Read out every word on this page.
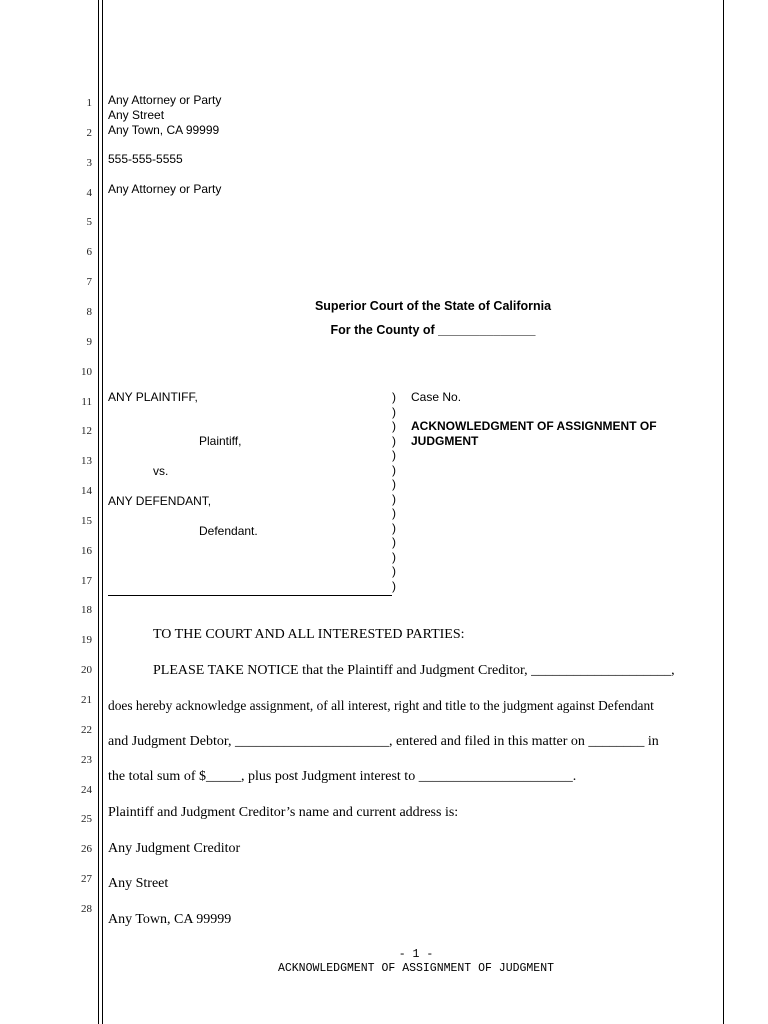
1
2
3
4
5
6
7
8
9
10
11
12
13
14
15
16
17
18
19
20
21
22
23
24
25
26
27
28
Any Attorney or Party
Any Street
Any Town, CA 99999
555-555-5555
Any Attorney or Party
Superior Court of the State of California
For the County of ______________
ANY PLAINTIFF,
Plaintiff,
vs.
ANY DEFENDANT,
Defendant.
)
)
)
)
)
)
)
)
)
)
)
)
)
)
Case No.
ACKNOWLEDGMENT OF ASSIGNMENT OF
JUDGMENT
TO THE COURT AND ALL INTERESTED PARTIES:
PLEASE TAKE NOTICE that the Plaintiff and Judgment Creditor, ____________________,
does hereby acknowledge assignment, of all interest, right and title to the judgment against Defendant
and Judgment Debtor, ______________________, entered and filed in this matter on ________ in
the total sum of $_____, plus post Judgment interest to ______________________.
Plaintiff and Judgment Creditor’s name and current address is:
Any Judgment Creditor
Any Street
Any Town, CA 99999
- 1 -
ACKNOWLEDGMENT OF ASSIGNMENT OF JUDGMENT
